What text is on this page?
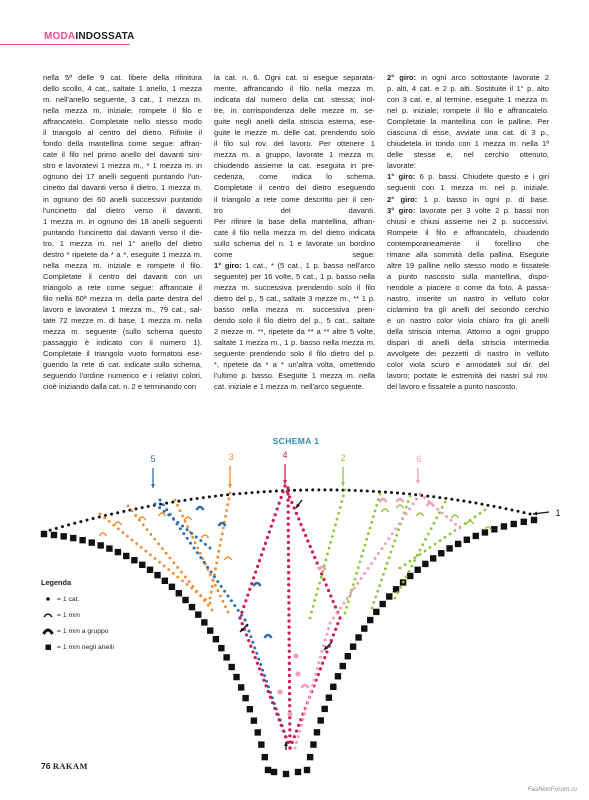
MODAINDOSSATA
nella 5ª delle 9 cat. libere della rifinitura
dello scollo, 4 cat., saltate 1 anello, 1 mezza
m. nell'anello seguente, 3 cat., 1 mezza m.
nella mezza m. iniziale; rompete il filo e
affrancatelo. Completate nello stesso modo
il triangolo al centro del dietro. Rifinite il
fondo della mantellina come segue: affran-
cate il filo nel primo anello del davanti sini-
stro e lavoratevi 1 mezza m., * 1 mezza m. in
ognuno dei 17 anelli seguenti puntando l'un-
cinetto dal davanti verso il dietro, 1 mezza m.
in ognuno dei 60 anelli successivi puntando
l'uncinetto dal dietro verso il davanti,
1 mezza m. in ognuno dei 18 anelli seguenti
puntando l'uncinetto dal davanti verso il die-
tro, 1 mezza m. nel 1° anello del dietro
destro * ripetete da * a *, eseguite 1 mezza m.
nella mezza m. iniziale e rompete il filo.
Completate il centro del davanti con un
triangolo a rete come segue: affrancate il
filo nella 60ª mezza m. della parte destra del
lavoro e lavoratevi 1 mezza m., 79 cat., sal-
tate 72 mezze m. di base, 1 mezza m. nella
mezza m. seguente (sullo schema questo
passaggio è indicato con il numero 1).
Completate il triangolo vuoto formatosi ese-
guendo la rete di cat. indicate sullo schema,
seguendo l'ordine numerico e i relativi colori,
cioè iniziando dalla cat. n. 2 e terminando con
la cat. n. 6. Ogni cat. si esegue separata-
mente, affrancando il filo nella mezza m.
indicata dal numero della cat. stessa; inol-
tre, in corrispondenza delle mezze m. se-
guite negli anelli della striscia esterna, ese-
guite le mezze m. delle cat. prendendo solo
il filo sul rov. del lavoro. Per ottenere 1
mezza m. a gruppo, lavorate 1 mezza m.
chiudendo assieme la cat. eseguita in pre-
cedenza, come indica lo schema.
Completate il centro del dietro eseguendo
il triangolo a rete come descritto per il cen-
tro del davanti.
Per rifinire la base della mantellina, affran-
cate il filo nella mezza m. del dietro indicata
sullo schema del n. 1 e lavorate un bordino
come segue:
1° giro: 1 cat., * (5 cat., 1 p. basso nell'arco
seguente) per 16 volte, 5 cat., 1 p. basso nella
mezza m. successiva prendendo solo il filo
dietro del p., 5 cat., saltate 3 mezze m., ** 1 p.
basso nella mezza m. successiva pren-
dendo solo il filo dietro del p., 5 cat., saltate
2 mezze m. **, ripetete da ** a ** altre 5 volte,
saltate 1 mezza m., 1 p. basso nella mezza m.
seguente prendendo solo il filo dietro del p.
*, ripetete da * a * un'altra volta, omettendo
l'ultimo p. basso. Eseguite 1 mezza m. nella
cat. iniziale e 1 mezza m. nell'arco seguente.
2° giro: in ogni arco sottostante lavorate 2
p. alti, 4 cat. e 2 p. alti. Sostituite il 1° p. alto
con 3 cat. e, al termine, eseguite 1 mezza m.
nel p. iniziale; rompete il filo e affrancatelo.
Completate la mantellina con le palline. Per
ciascuna di esse, avviate una cat. di 3 p.,
chiudetela in tondo con 1 mezza m. nella 1ª
delle stesse e, nel cerchio ottenuto,
lavorate:
1° giro: 6 p. bassi. Chiudete questo e i giri
seguenti con 1 mezza m. nel p. iniziale.
2° giro: 1 p. basso in ogni p. di base.
3° giro: lavorate per 3 volte 2 p. bassi non
chiusi e chiusi assieme nei 2 p. successivi.
Rompete il filo e affrancatelo, chiudendo
contemporaneamente il forellino che
rimane alla sommità della pallina. Eseguite
altre 19 palline nello stesso modo e fissatele
a punto nascosto sulla mantellina, dispo-
nendole a piacere o come da foto. A passa-
nastro, inserite un nastro in velluto color
ciclamino fra gli anelli del secondo cerchio
e un nastro color viola chiaro fra gli anelli
della striscia interna. Attorno a ogni gruppo
dispari di anelli della striscia intermedia
avvolgete dei pezzetti di nastro in velluto
color viola scuro e annodateli sul dir. del
lavoro; portate le estremità dei nastri sul rov.
del lavoro e fissatele a punto nascosto.
SCHEMA 1
5	3	4	2	6
1
Legenda
= 1 cat.
= 1 mm
= 1 mm a gruppo
= 1 mm negli anelli
76 RAKAM
FashionForum.ru
